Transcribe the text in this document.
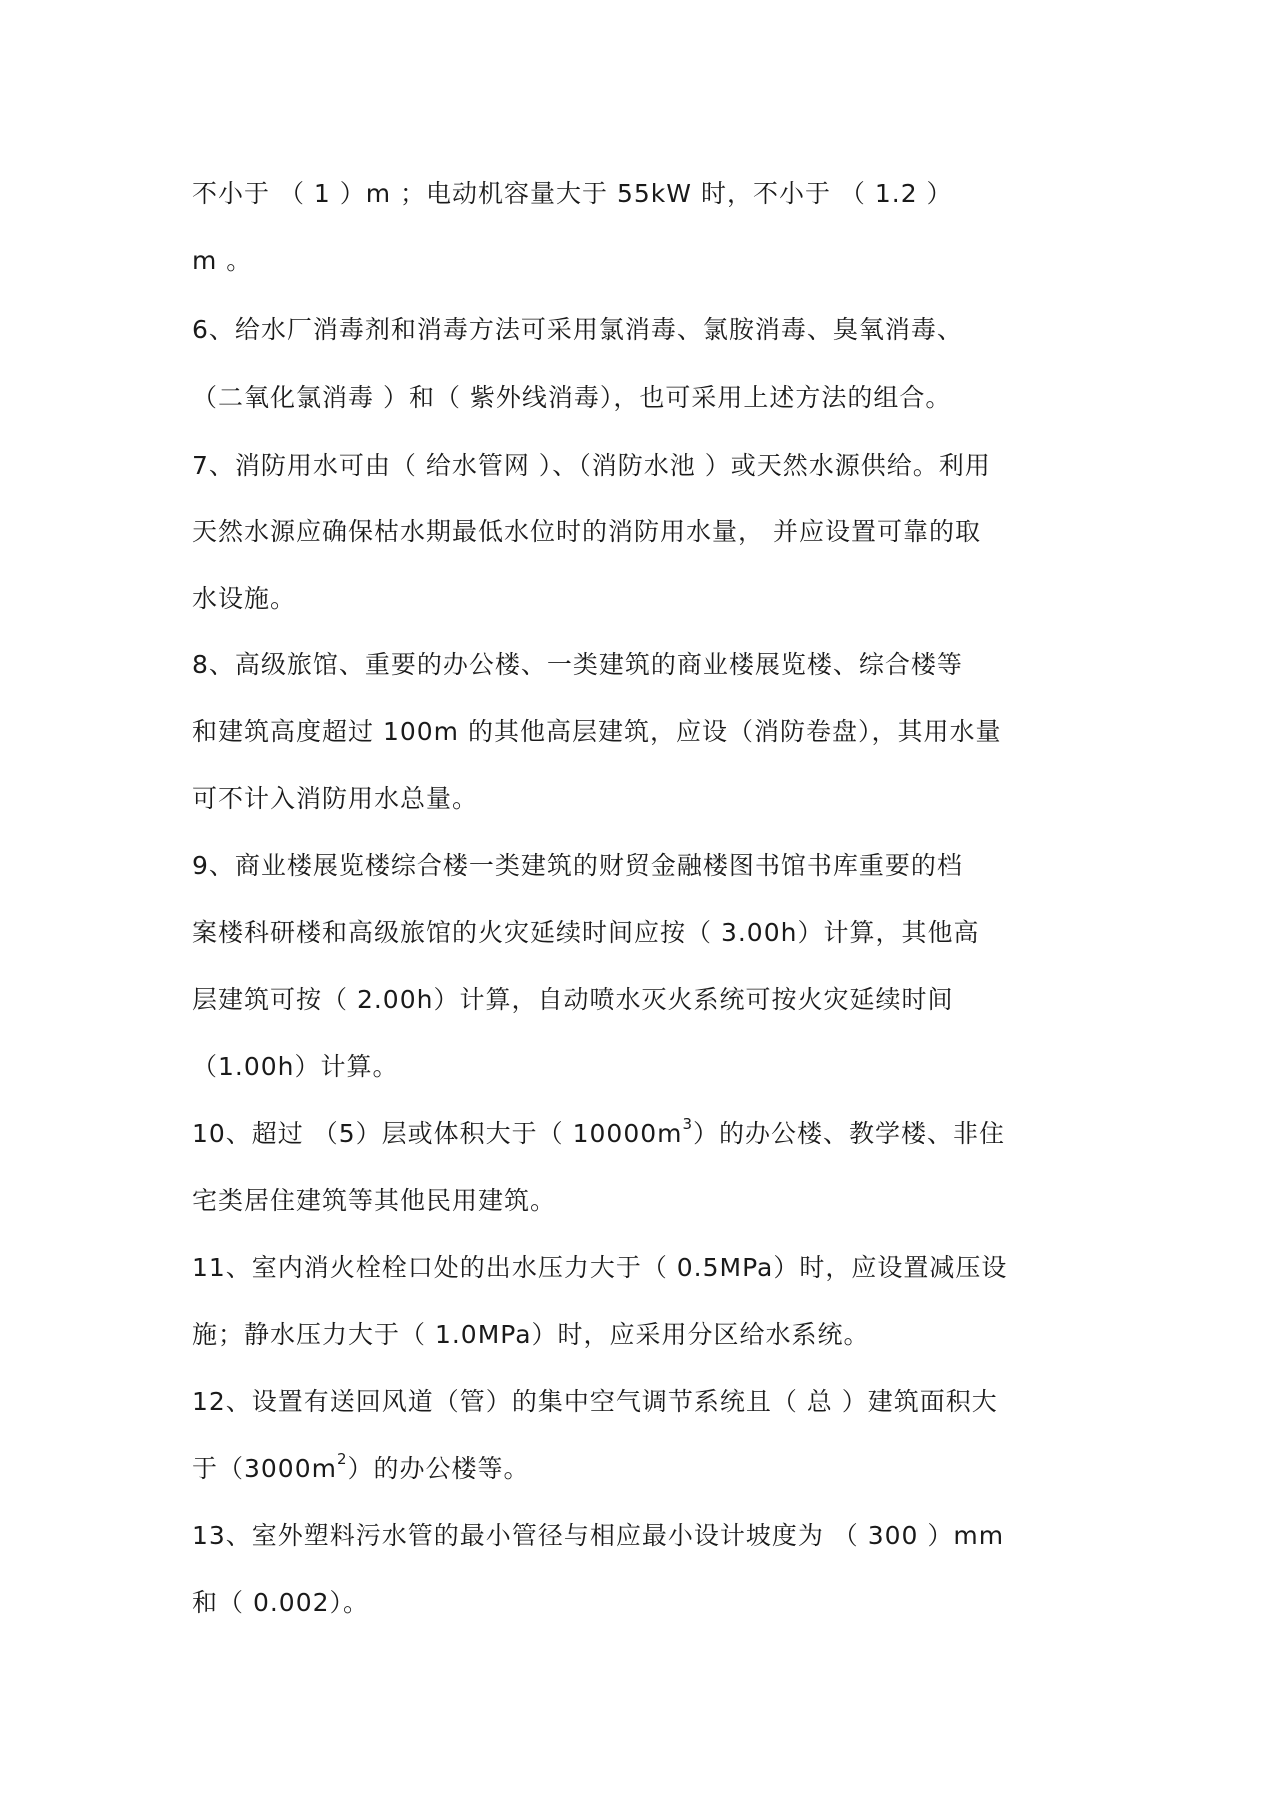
不小于 （ 1 ）m ；电动机容量大于 55kW 时，不小于 （ 1.2 ）
m 。
6、给水厂消毒剂和消毒方法可采用氯消毒、氯胺消毒、臭氧消毒、
（二氧化氯消毒 ）和（ 紫外线消毒），也可采用上述方法的组合。
7、消防用水可由（ 给水管网 ）、（消防水池 ）或天然水源供给。利用
天然水源应确保枯水期最低水位时的消防用水量， 并应设置可靠的取
水设施。
8、高级旅馆、重要的办公楼、一类建筑的商业楼展览楼、综合楼等
和建筑高度超过 100m 的其他高层建筑，应设（消防卷盘），其用水量
可不计入消防用水总量。
9、商业楼展览楼综合楼一类建筑的财贸金融楼图书馆书库重要的档
案楼科研楼和高级旅馆的火灾延续时间应按（ 3.00h）计算，其他高
层建筑可按（ 2.00h）计算，自动喷水灭火系统可按火灾延续时间
（1.00h）计算。
10、超过 （5）层或体积大于（ $10000m^3$）的办公楼、教学楼、非住
宅类居住建筑等其他民用建筑。
11、室内消火栓栓口处的出水压力大于（ 0.5MPa）时，应设置减压设
施；静水压力大于（ 1.0MPa）时，应采用分区给水系统。
12、设置有送回风道（管）的集中空气调节系统且（ 总 ）建筑面积大
于$(3000m^2)$的办公楼等。
13、室外塑料污水管的最小管径与相应最小设计坡度为 （ 300 ）mm
和（ 0.002）。
